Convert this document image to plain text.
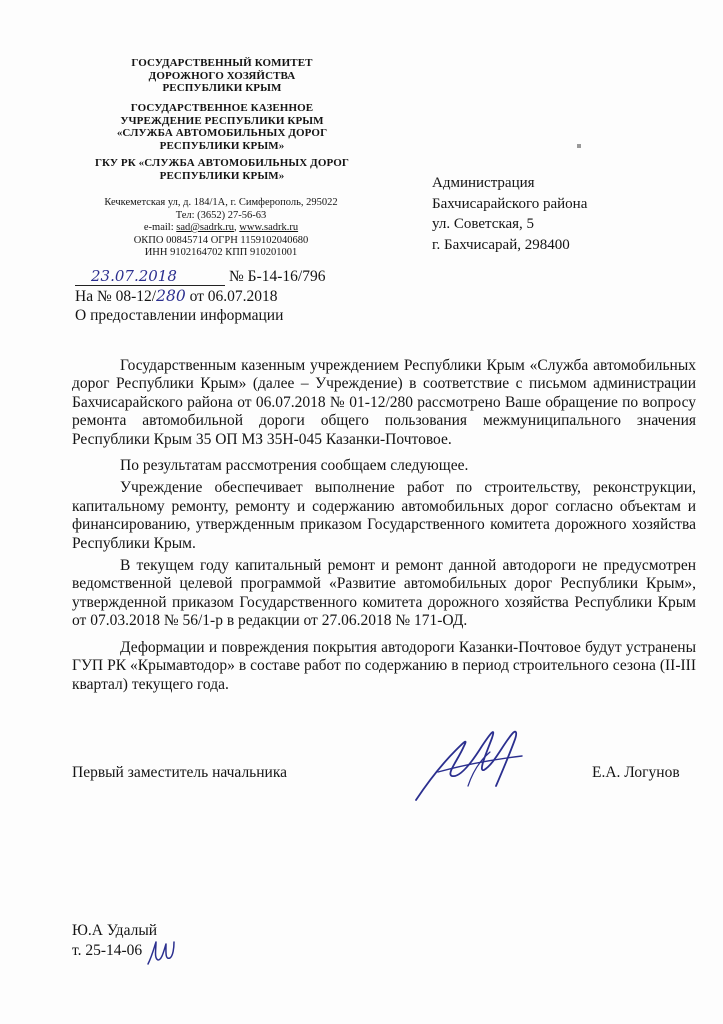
ГОСУДАРСТВЕННЫЙ КОМИТЕТ
ДОРОЖНОГО ХОЗЯЙСТВА
РЕСПУБЛИКИ КРЫМ
ГОСУДАРСТВЕННОЕ КАЗЕННОЕ
УЧРЕЖДЕНИЕ РЕСПУБЛИКИ КРЫМ
«СЛУЖБА АВТОМОБИЛЬНЫХ ДОРОГ
РЕСПУБЛИКИ КРЫМ»
ГКУ РК «СЛУЖБА АВТОМОБИЛЬНЫХ ДОРОГ
РЕСПУБЛИКИ КРЫМ»
Кечкеметская ул, д. 184/1А, г. Симферополь, 295022
Тел: (3652) 27-56-63
e-mail: sad@sadrk.ru, www.sadrk.ru
ОКПО 00845714 ОГРН 1159102040680
ИНН 9102164702 КПП 910201001
Администрация
Бахчисарайского района
ул. Советская, 5
г. Бахчисарай, 298400
23.07.2018	№ Б-14-16/796
На № 08-12/280 от 06.07.2018
О предоставлении информации

Государственным казенным учреждением Республики Крым «Служба автомобильных дорог Республики Крым» (далее – Учреждение) в соответствие с письмом администрации Бахчисарайского района от 06.07.2018 № 01-12/280 рассмотрено Ваше обращение по вопросу ремонта автомобильной дороги общего пользования межмуниципального значения Республики Крым 35 ОП МЗ 35Н-045 Казанки-Почтовое.

По результатам рассмотрения сообщаем следующее.

Учреждение обеспечивает выполнение работ по строительству, реконструкции, капитальному ремонту, ремонту и содержанию автомобильных дорог согласно объектам и финансированию, утвержденным приказом Государственного комитета дорожного хозяйства Республики Крым.

В текущем году капитальный ремонт и ремонт данной автодороги не предусмотрен ведомственной целевой программой «Развитие автомобильных дорог Республики Крым», утвержденной приказом Государственного комитета дорожного хозяйства Республики Крым от 07.03.2018 № 56/1-р в редакции от 27.06.2018 № 171-ОД.

Деформации и повреждения покрытия автодороги Казанки-Почтовое будут устранены ГУП РК «Крымавтодор» в составе работ по содержанию в период строительного сезона (II-III квартал) текущего года.

Первый заместитель начальника	Е.А. Логунов
Ю.А Удалый
т. 25-14-06
